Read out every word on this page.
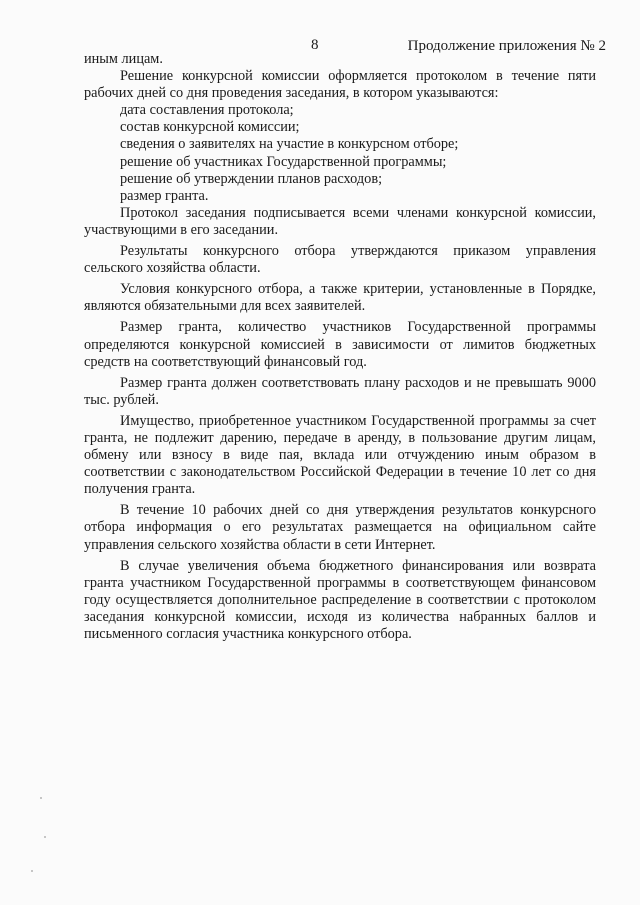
8	Продолжение приложения № 2

иным лицам.

Решение конкурсной комиссии оформляется протоколом в течение пяти рабочих дней со дня проведения заседания, в котором указываются:

дата составления протокола;

состав конкурсной комиссии;

сведения о заявителях на участие в конкурсном отборе;

решение об участниках Государственной программы;

решение об утверждении планов расходов;

размер гранта.

Протокол заседания подписывается всеми членами конкурсной комиссии, участвующими в его заседании.

Результаты конкурсного отбора утверждаются приказом управления сельского хозяйства области.

Условия конкурсного отбора, а также критерии, установленные в Порядке, являются обязательными для всех заявителей.

Размер гранта, количество участников Государственной программы определяются конкурсной комиссией в зависимости от лимитов бюджетных средств на соответствующий финансовый год.

Размер гранта должен соответствовать плану расходов и не превышать 9000 тыс. рублей.

Имущество, приобретенное участником Государственной программы за счет гранта, не подлежит дарению, передаче в аренду, в пользование другим лицам, обмену или взносу в виде пая, вклада или отчуждению иным образом в соответствии с законодательством Российской Федерации в течение 10 лет со дня получения гранта.

В течение 10 рабочих дней со дня утверждения результатов конкурсного отбора информация о его результатах размещается на официальном сайте управления сельского хозяйства области в сети Интернет.

В случае увеличения объема бюджетного финансирования или возврата гранта участником Государственной программы в соответствующем финансовом году осуществляется дополнительное распределение в соответствии с протоколом заседания конкурсной комиссии, исходя из количества набранных баллов и письменного согласия участника конкурсного отбора.
